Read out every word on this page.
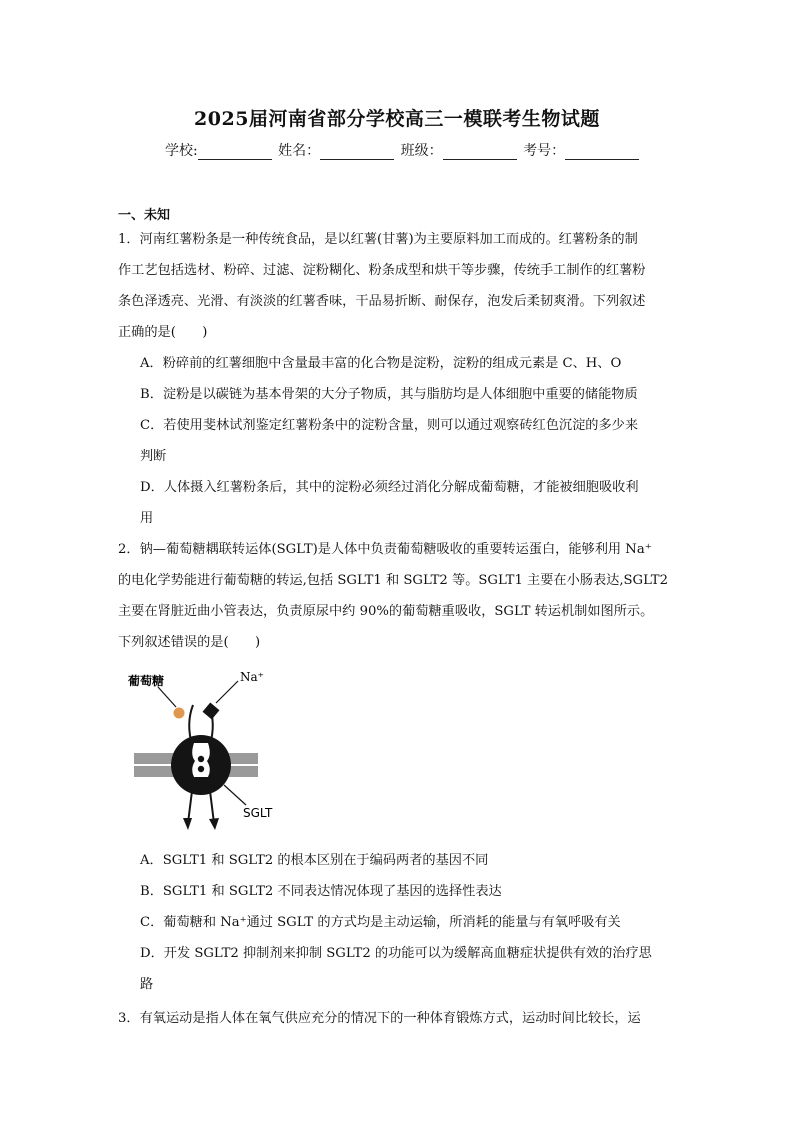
2025届河南省部分学校高三一模联考生物试题
学校:	姓名：	班级：	考号：
一、未知
1．河南红薯粉条是一种传统食品，是以红薯(甘薯)为主要原料加工而成的。红薯粉条的制
作工艺包括选材、粉碎、过滤、淀粉糊化、粉条成型和烘干等步骤，传统手工制作的红薯粉
条色泽透亮、光滑、有淡淡的红薯香味，干品易折断、耐保存，泡发后柔韧爽滑。下列叙述
正确的是(　　)
A．粉碎前的红薯细胞中含量最丰富的化合物是淀粉，淀粉的组成元素是 C、H、O
B．淀粉是以碳链为基本骨架的大分子物质，其与脂肪均是人体细胞中重要的储能物质
C．若使用斐林试剂鉴定红薯粉条中的淀粉含量，则可以通过观察砖红色沉淀的多少来
判断
D．人体摄入红薯粉条后，其中的淀粉必须经过消化分解成葡萄糖，才能被细胞吸收利
用
2．钠—葡萄糖耦联转运体(SGLT)是人体中负责葡萄糖吸收的重要转运蛋白，能够利用 Na⁺
的电化学势能进行葡萄糖的转运,包括 SGLT1 和 SGLT2 等。SGLT1 主要在小肠表达,SGLT2
主要在肾脏近曲小管表达，负责原尿中约 90%的葡萄糖重吸收，SGLT 转运机制如图所示。
下列叙述错误的是(　　)
葡萄糖	Na⁺
SGLT
A．SGLT1 和 SGLT2 的根本区别在于编码两者的基因不同
B．SGLT1 和 SGLT2 不同表达情况体现了基因的选择性表达
C．葡萄糖和 Na⁺通过 SGLT 的方式均是主动运输，所消耗的能量与有氧呼吸有关
D．开发 SGLT2 抑制剂来抑制 SGLT2 的功能可以为缓解高血糖症状提供有效的治疗思
路
3．有氧运动是指人体在氧气供应充分的情况下的一种体育锻炼方式，运动时间比较长，运
